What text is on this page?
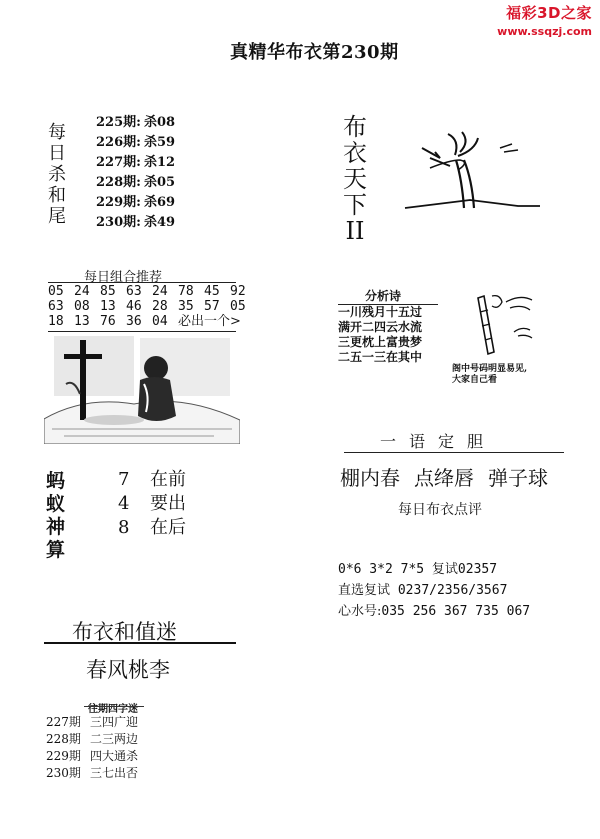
福彩3D之家
www.ssqzj.com
真精华布衣第230期
每
日
杀
和
尾
225期: 杀08
226期: 杀59
227期: 杀12
228期: 杀05
229期: 杀69
230期: 杀49
布
衣
天
下
II
每日组合推荐
05 24 85 63 24 78 45 92
63 08 13 46 28 35 57 05
18 13 76 36 04 必出一个>
蚂
蚁
神
算
7 在前
4 要出
8 在后
布衣和值迷
春风桃李
往期四字迷
227期 三四广迎
228期 二三两边
229期 四大通杀
230期 三七出否
分析诗
一川残月十五过
满开二四云水流
三更枕上富贵梦
二五一三在其中
阁中号码明显易见,
大家自己看
一语定胆
棚内春 点绛唇 弹子球
每日布衣点评
0*6 3*2 7*5 复试02357
直选复试 0237/2356/3567
心水号:035 256 367 735 067
